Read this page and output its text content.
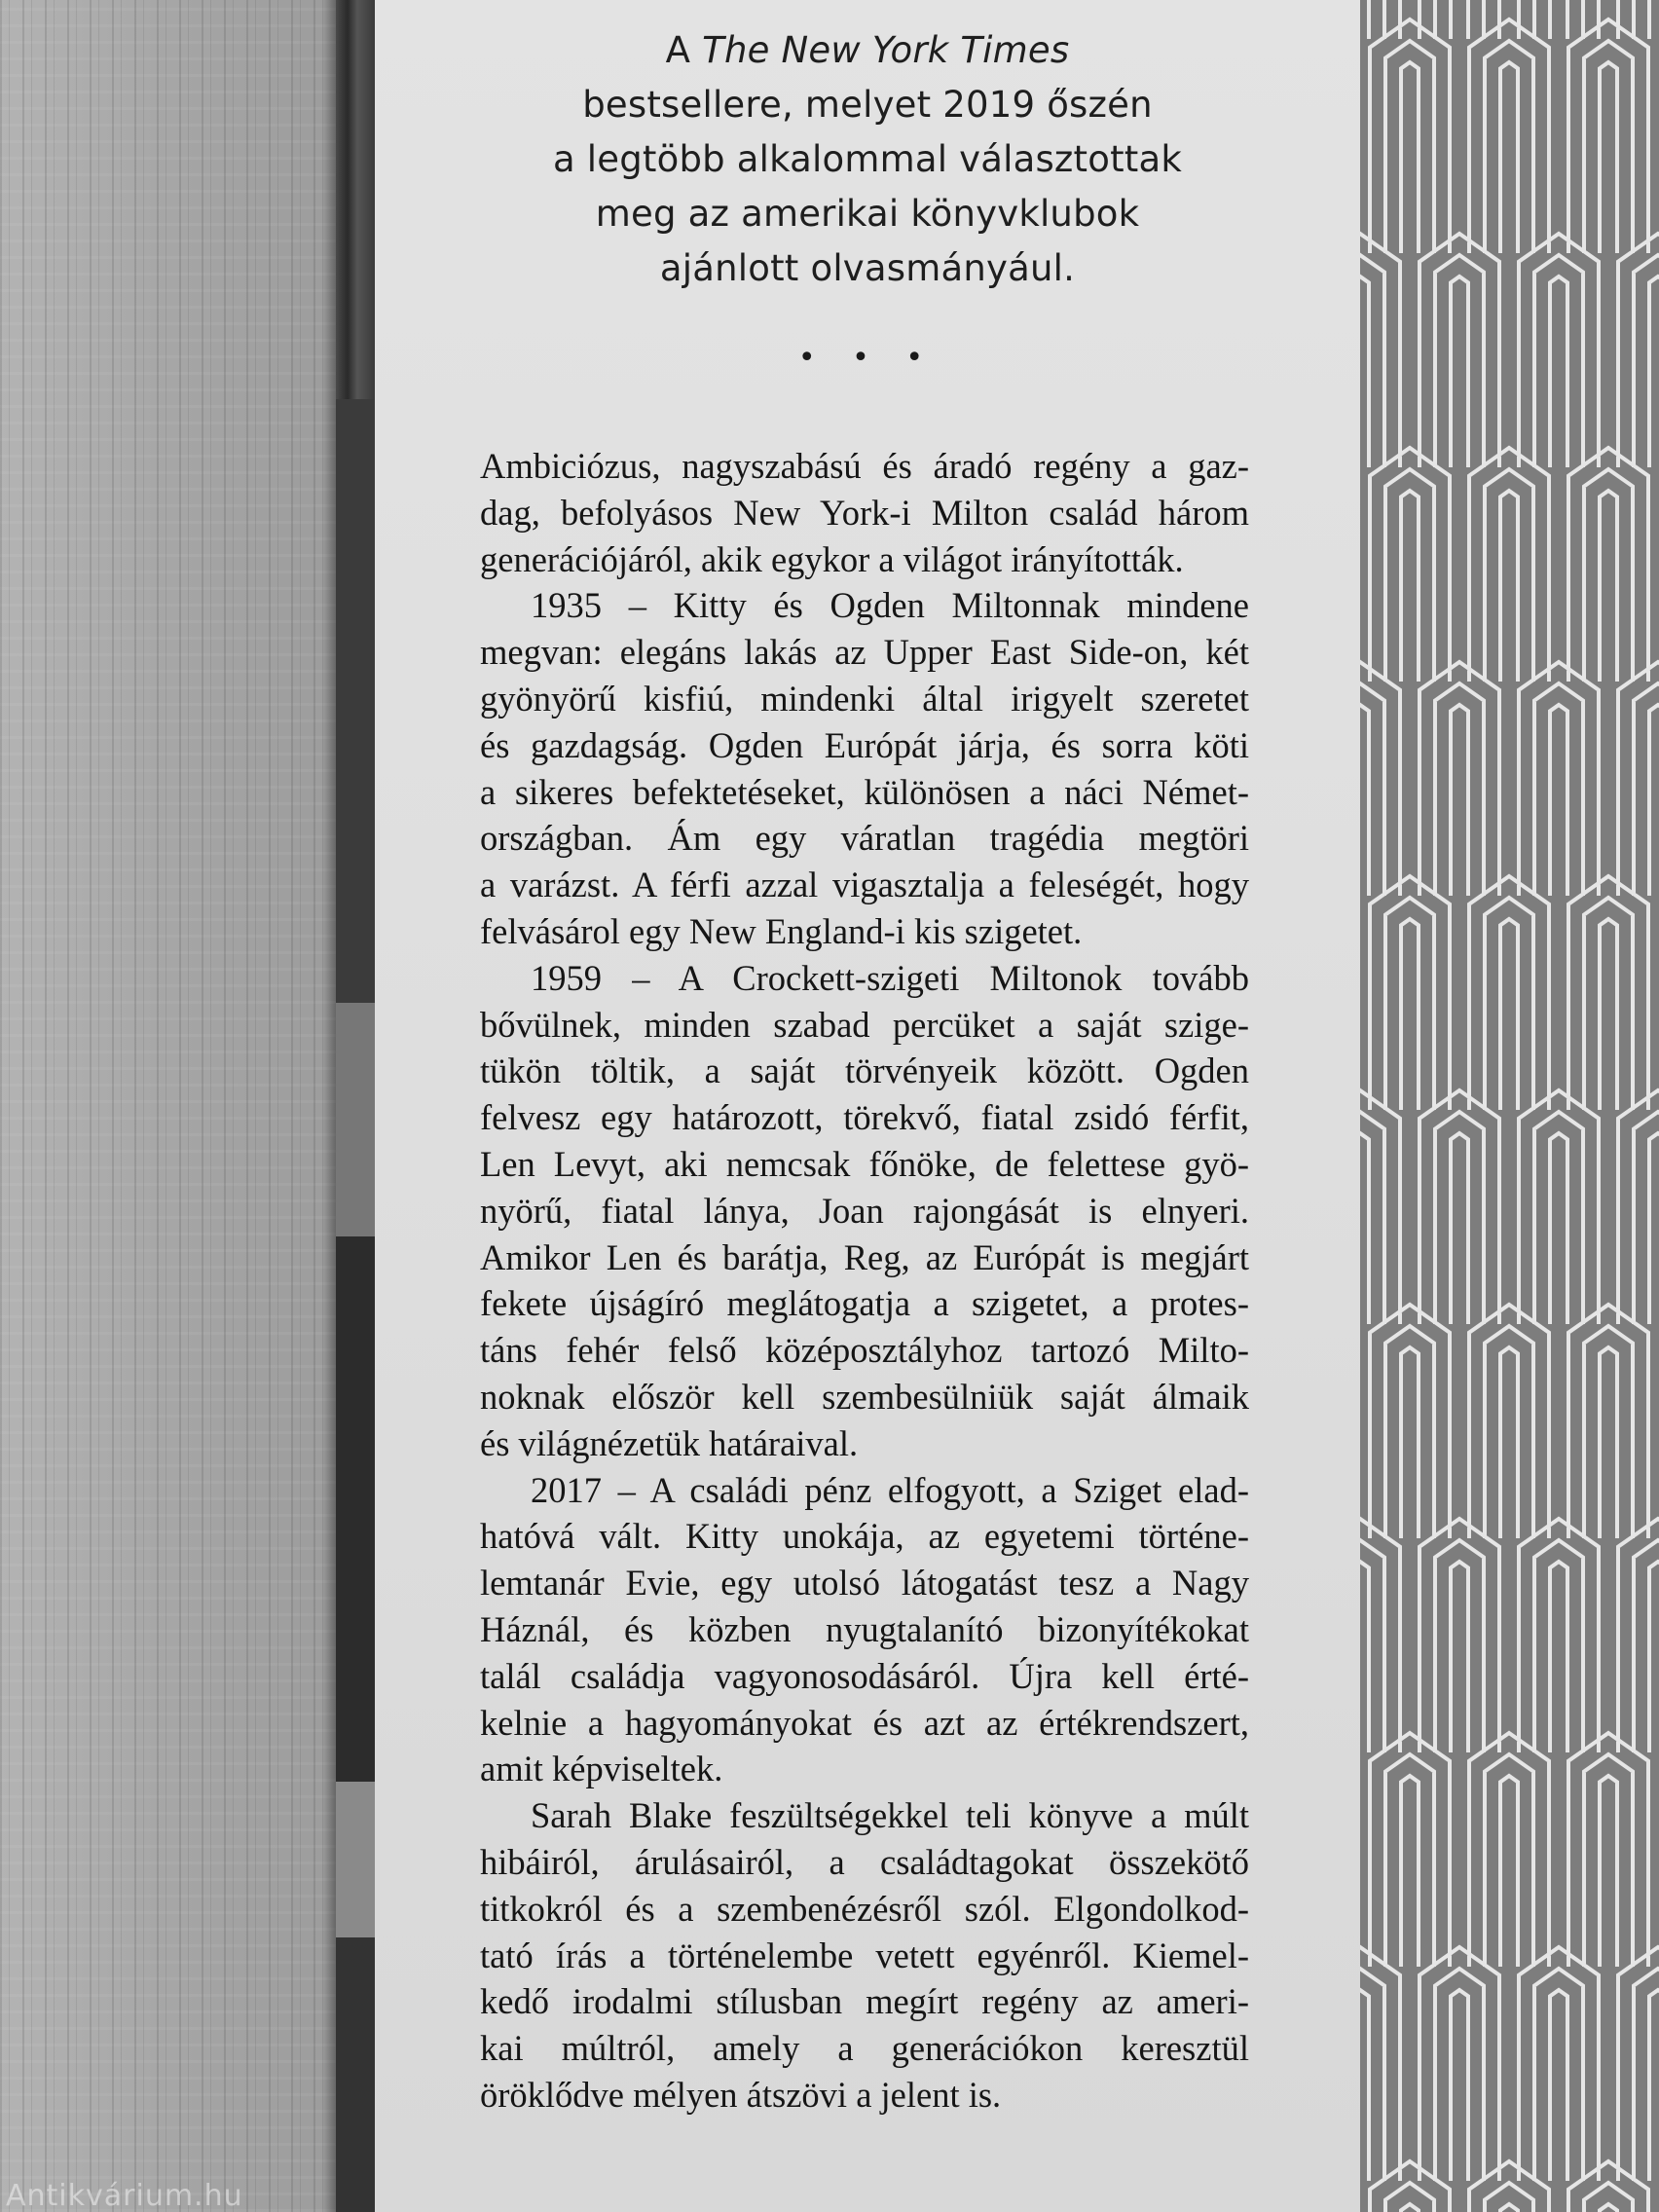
A The New York Times
bestsellere, melyet 2019 őszén
a legtöbb alkalommal választottak
meg az amerikai könyvklubok
ajánlott olvasmányául.
• • •
Ambiciózus, nagyszabású és áradó regény a gaz-
dag, befolyásos New York-i Milton család három
generációjáról, akik egykor a világot irányították.
1935 – Kitty és Ogden Miltonnak mindene
megvan: elegáns lakás az Upper East Side-on, két
gyönyörű kisfiú, mindenki által irigyelt szeretet
és gazdagság. Ogden Európát járja, és sorra köti
a sikeres befektetéseket, különösen a náci Német-
országban. Ám egy váratlan tragédia megtöri
a varázst. A férfi azzal vigasztalja a feleségét, hogy
felvásárol egy New England-i kis szigetet.
1959 – A Crockett-szigeti Miltonok tovább
bővülnek, minden szabad percüket a saját szige-
tükön töltik, a saját törvényeik között. Ogden
felvesz egy határozott, törekvő, fiatal zsidó férfit,
Len Levyt, aki nemcsak főnöke, de felettese gyö-
nyörű, fiatal lánya, Joan rajongását is elnyeri.
Amikor Len és barátja, Reg, az Európát is megjárt
fekete újságíró meglátogatja a szigetet, a protes-
táns fehér felső középosztályhoz tartozó Milto-
noknak először kell szembesülniük saját álmaik
és világnézetük határaival.
2017 – A családi pénz elfogyott, a Sziget elad-
hatóvá vált. Kitty unokája, az egyetemi történe-
lemtanár Evie, egy utolsó látogatást tesz a Nagy
Háznál, és közben nyugtalanító bizonyítékokat
talál családja vagyonosodásáról. Újra kell érté-
kelnie a hagyományokat és azt az értékrendszert,
amit képviseltek.
Sarah Blake feszültségekkel teli könyve a múlt
hibáiról, árulásairól, a családtagokat összekötő
titkokról és a szembenézésről szól. Elgondolkod-
tató írás a történelembe vetett egyénről. Kiemel-
kedő irodalmi stílusban megírt regény az ameri-
kai múltról, amely a generációkon keresztül
öröklődve mélyen átszövi a jelent is.
Antikvárium.hu
